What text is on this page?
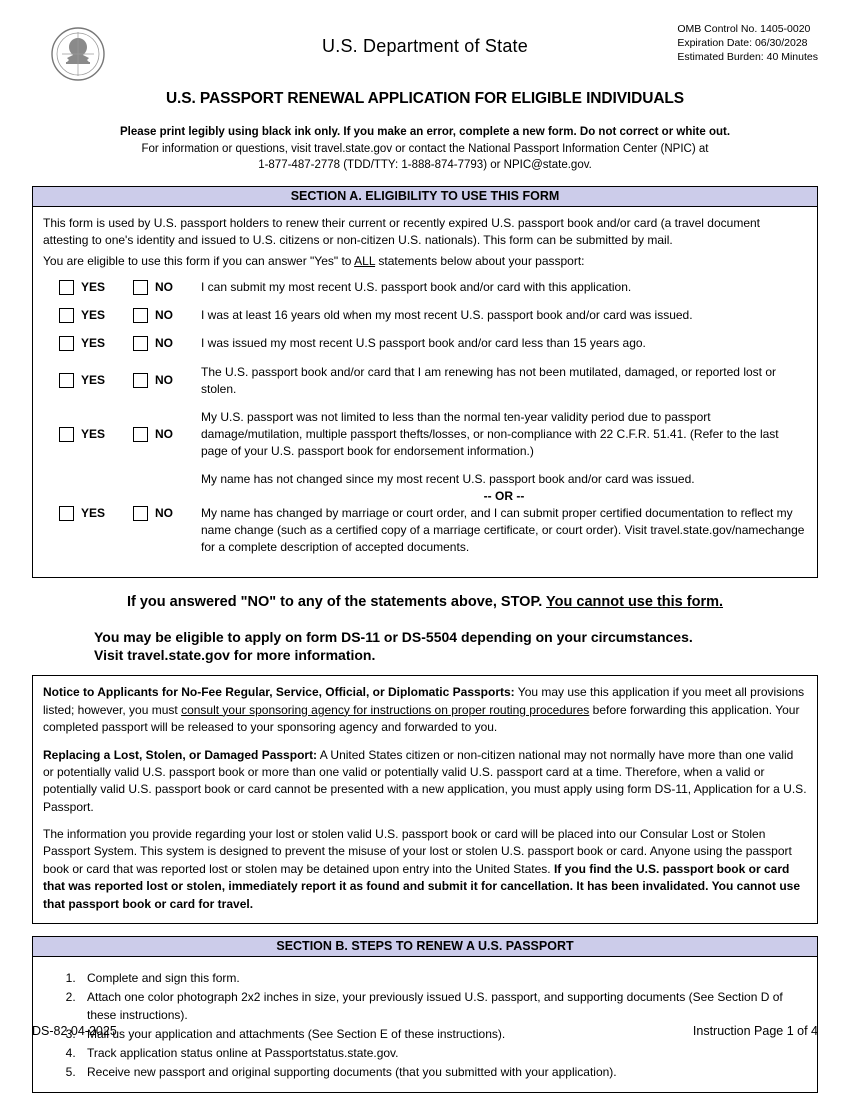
U.S. Department of State
OMB Control No. 1405-0020
Expiration Date: 06/30/2028
Estimated Burden: 40 Minutes
U.S. PASSPORT RENEWAL APPLICATION FOR ELIGIBLE INDIVIDUALS
Please print legibly using black ink only. If you make an error, complete a new form. Do not correct or white out.
For information or questions, visit travel.state.gov or contact the National Passport Information Center (NPIC) at
1-877-487-2778 (TDD/TTY: 1-888-874-7793) or NPIC@state.gov.
SECTION A. ELIGIBILITY TO USE THIS FORM

This form is used by U.S. passport holders to renew their current or recently expired U.S. passport book and/or card (a travel document attesting to one's identity and issued to U.S. citizens or non-citizen U.S. nationals). This form can be submitted by mail.

You are eligible to use this form if you can answer "Yes" to ALL statements below about your passport:

YES	NO I can submit my most recent U.S. passport book and/or card with this application.
YES	NO I was at least 16 years old when my most recent U.S. passport book and/or card was issued.
YES	NO I was issued my most recent U.S passport book and/or card less than 15 years ago.
YES	NO
The U.S. passport book and/or card that I am renewing has not been mutilated, damaged, or reported lost or stolen.
YES	NO
My U.S. passport was not limited to less than the normal ten-year validity period due to passport damage/mutilation, multiple passport thefts/losses, or non-compliance with 22 C.F.R. 51.41. (Refer to the last page of your U.S. passport book for endorsement information.)
YES	NO
My name has not changed since my most recent U.S. passport book and/or card was issued.
-- OR --
My name has changed by marriage or court order, and I can submit proper certified documentation to reflect my name change (such as a certified copy of a marriage certificate, or court order). Visit travel.state.gov/namechange for a complete description of accepted documents.
If you answered "NO" to any of the statements above, STOP. You cannot use this form.
You may be eligible to apply on form DS-11 or DS-5504 depending on your circumstances.
Visit travel.state.gov for more information.

Notice to Applicants for No-Fee Regular, Service, Official, or Diplomatic Passports: You may use this application if you meet all provisions listed; however, you must consult your sponsoring agency for instructions on proper routing procedures before forwarding this application. Your completed passport will be released to your sponsoring agency and forwarded to you.

Replacing a Lost, Stolen, or Damaged Passport: A United States citizen or non-citizen national may not normally have more than one valid or potentially valid U.S. passport book or more than one valid or potentially valid U.S. passport card at a time. Therefore, when a valid or potentially valid U.S. passport book or card cannot be presented with a new application, you must apply using form DS-11, Application for a U.S. Passport.

The information you provide regarding your lost or stolen valid U.S. passport book or card will be placed into our Consular Lost or Stolen Passport System. This system is designed to prevent the misuse of your lost or stolen U.S. passport book or card. Anyone using the passport book or card that was reported lost or stolen may be detained upon entry into the United States. If you find the U.S. passport book or card that was reported lost or stolen, immediately report it as found and submit it for cancellation. It has been invalidated. You cannot use that passport book or card for travel.

SECTION B. STEPS TO RENEW A U.S. PASSPORT
1. Complete and sign this form.
2. Attach one color photograph 2x2 inches in size, your previously issued U.S. passport, and supporting documents (See Section D of these instructions).
3. Mail us your application and attachments (See Section E of these instructions).
4. Track application status online at Passportstatus.state.gov.
5. Receive new passport and original supporting documents (that you submitted with your application).
DS-82 04-2025	Instruction Page 1 of 4
